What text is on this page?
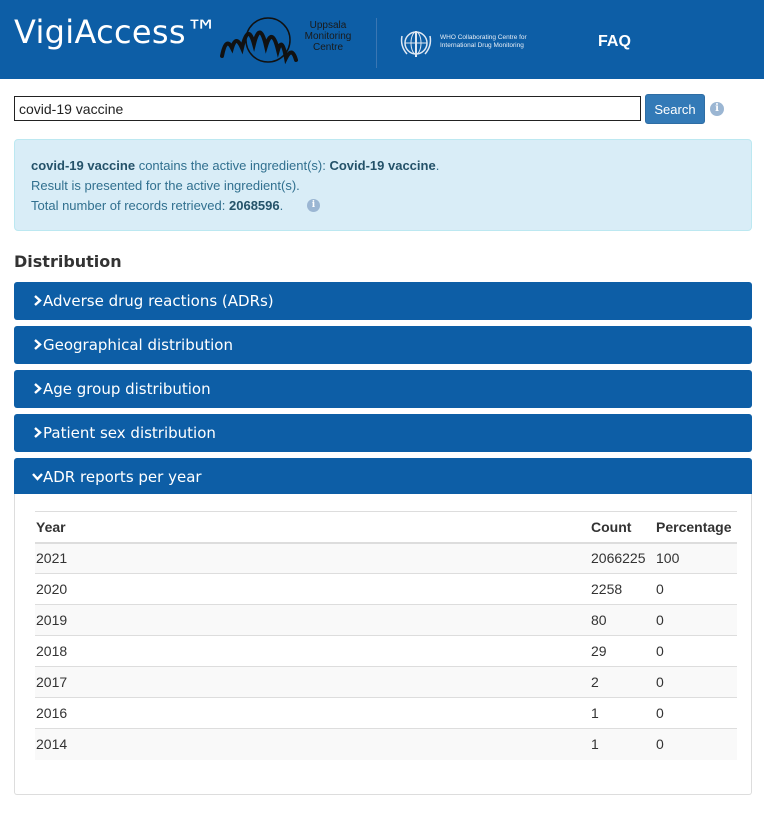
VigiAccess™	Uppsala Monitoring Centre
WHO Collaborating Centre for International Drug Monitoring	FAQ
covid-19 vaccine
Search	i
covid-19 vaccine contains the active ingredient(s): Covid-19 vaccine.
Result is presented for the active ingredient(s).
Total number of records retrieved: 2068596.	i
Distribution
Adverse drug reactions (ADRs)
Geographical distribution
Age group distribution
Patient sex distribution
ADR reports per year
Year	Count	Percentage
2021	2066225	100
2020	2258	0
2019	80	0
2018	29	0
2017	2	0
2016	1	0
2014	1	0
